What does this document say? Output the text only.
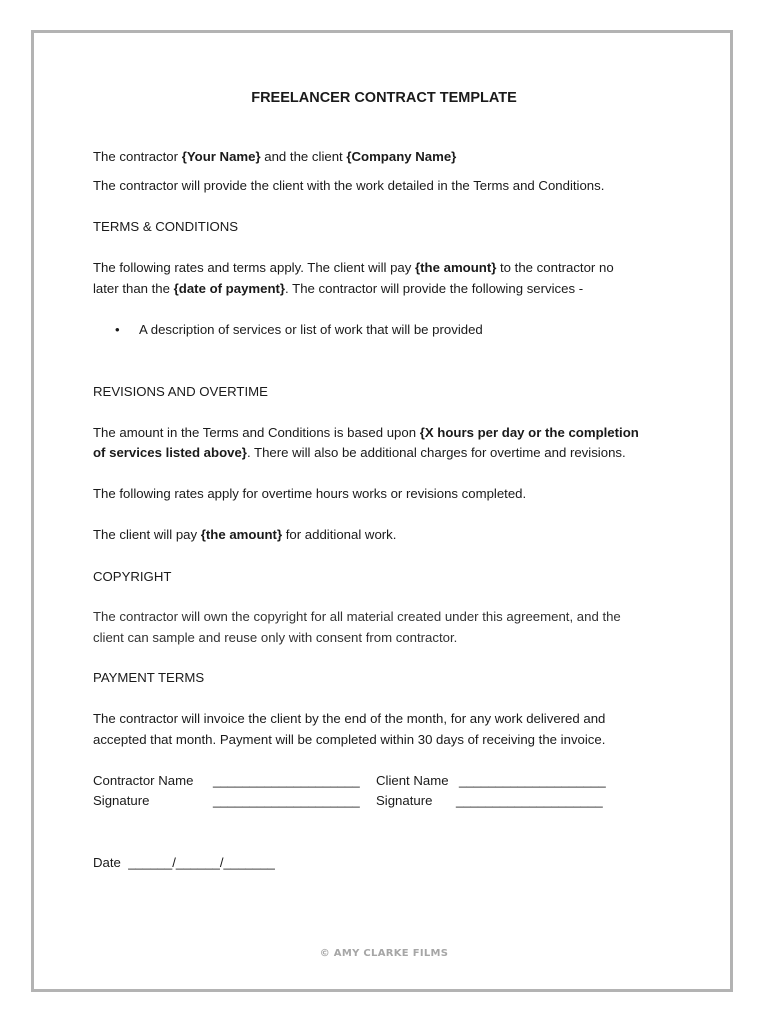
FREELANCER CONTRACT TEMPLATE

The contractor {Your Name} and the client {Company Name}

The contractor will provide the client with the work detailed in the Terms and Conditions.

TERMS & CONDITIONS

The following rates and terms apply. The client will pay {the amount} to the contractor no

later than the {date of payment}. The contractor will provide the following services -

• A description of services or list of work that will be provided

REVISIONS AND OVERTIME

The amount in the Terms and Conditions is based upon {X hours per day or the completion

of services listed above}. There will also be additional charges for overtime and revisions.

The following rates apply for overtime hours works or revisions completed.

The client will pay {the amount} for additional work.

COPYRIGHT

The contractor will own the copyright for all material created under this agreement, and the

client can sample and reuse only with consent from contractor.

PAYMENT TERMS

The contractor will invoice the client by the end of the month, for any work delivered and

accepted that month. Payment will be completed within 30 days of receiving the invoice.

Contractor Name ____________________ Client Name ____________________

Signature	____________________ Signature ____________________

Date ______/______/_______

© AMY CLARKE FILMS
